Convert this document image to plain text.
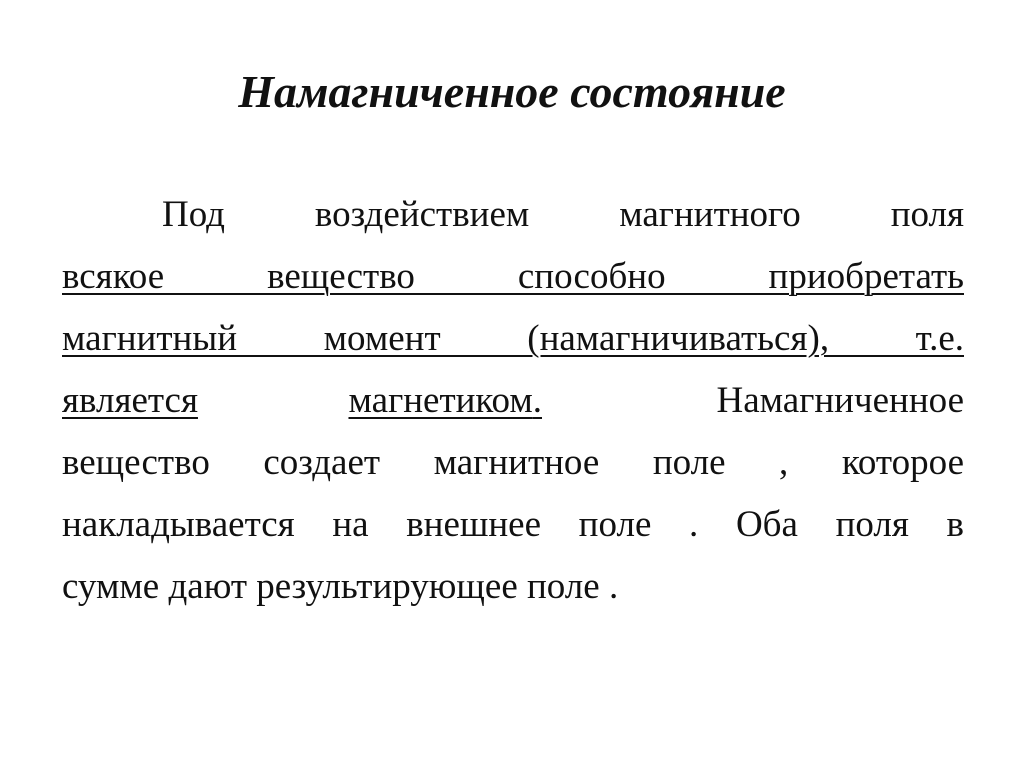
Намагниченное состояние
Под воздействием магнитного поля
всякое вещество способно приобретать
магнитный момент (намагничиваться), т.е.
является	магнетиком .	Намагниченное
вещество создает магнитное поле , которое
накладывается на внешнее поле . Оба поля в
сумме дают результирующее поле .
